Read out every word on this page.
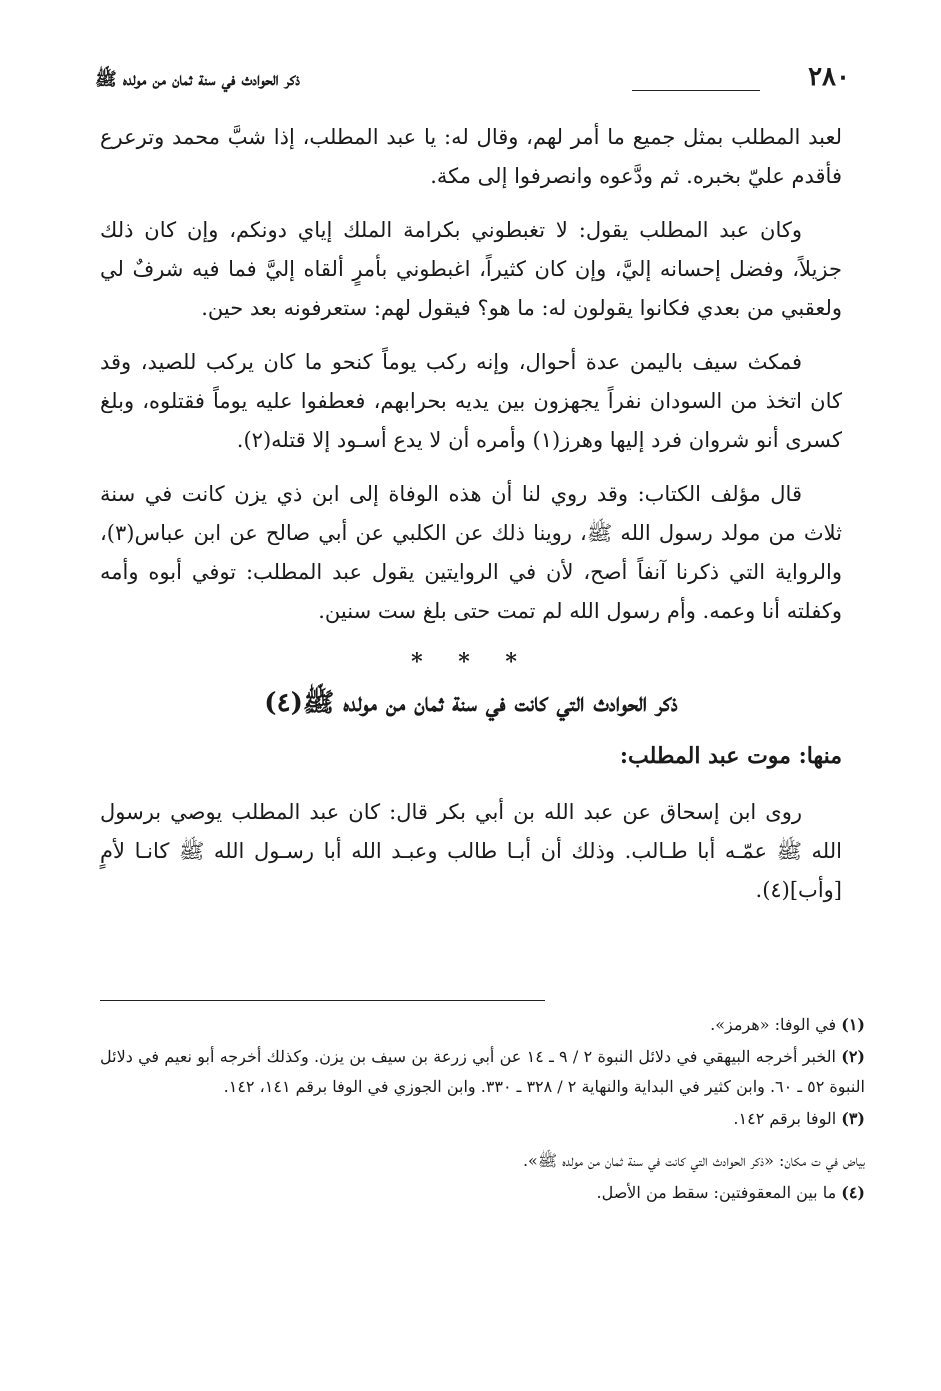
٢٨٠
ذكر الحوادث في سنة ثمان من مولده ﷺ

لعبد المطلب بمثل جميع ما أمر لهم، وقال له: يا عبد المطلب، إذا شبَّ محمد وترعرع فأقدم عليّ بخبره. ثم ودَّعوه وانصرفوا إلى مكة.

وكان عبد المطلب يقول: لا تغبطوني بكرامة الملك إياي دونكم، وإن كان ذلك جزيلاً، وفضل إحسانه إليَّ، وإن كان كثيراً، اغبطوني بأمرٍ ألقاه إليَّ فما فيه شرفٌ لي ولعقبي من بعدي فكانوا يقولون له: ما هو؟ فيقول لهم: ستعرفونه بعد حين.

فمكث سيف باليمن عدة أحوال، وإنه ركب يوماً كنحو ما كان يركب للصيد، وقد كان اتخذ من السودان نفراً يجهزون بين يديه بحرابهم، فعطفوا عليه يوماً فقتلوه، وبلغ كسرى أنو شروان فرد إليها وهرز(١) وأمره أن لا يدع أسـود إلا قتله(٢).

قال مؤلف الكتاب: وقد روي لنا أن هذه الوفاة إلى ابن ذي يزن كانت في سنة ثلاث من مولد رسول الله ﷺ، روينا ذلك عن الكلبي عن أبي صالح عن ابن عباس(٣)، والرواية التي ذكرنا آنفاً أصح، لأن في الروايتين يقول عبد المطلب: توفي أبوه وأمه وكفلته أنا وعمه. وأم رسول الله لم تمت حتى بلغ ست سنين.

* * *
ذكر الحوادث التي كانت في سنة ثمان من مولده ﷺ(٤)
منها: موت عبد المطلب:

روى ابن إسحاق عن عبد الله بن أبي بكر قال: كان عبد المطلب يوصي برسول الله ﷺ عمّـه أبا طـالب. وذلك أن أبـا طالب وعبـد الله أبا رسـول الله ﷺ كانـا لأمٍ [وأب](٤).

(١) في الوفا: «هرمز».

(٢) الخبر أخرجه البيهقي في دلائل النبوة ٢ / ٩ ـ ١٤ عن أبي زرعة بن سيف بن يزن. وكذلك أخرجه أبو نعيم في دلائل النبوة ٥٢ ـ ٦٠. وابن كثير في البداية والنهاية ٢ / ٣٢٨ ـ ٣٣٠. وابن الجوزي في الوفا برقم ١٤١، ١٤٢.

(٣) الوفا برقم ١٤٢.

بياض في ت مكان: «ذكر الحوادث التي كانت في سنة ثمان من مولده ﷺ».

(٤) ما بين المعقوفتين: سقط من الأصل.
